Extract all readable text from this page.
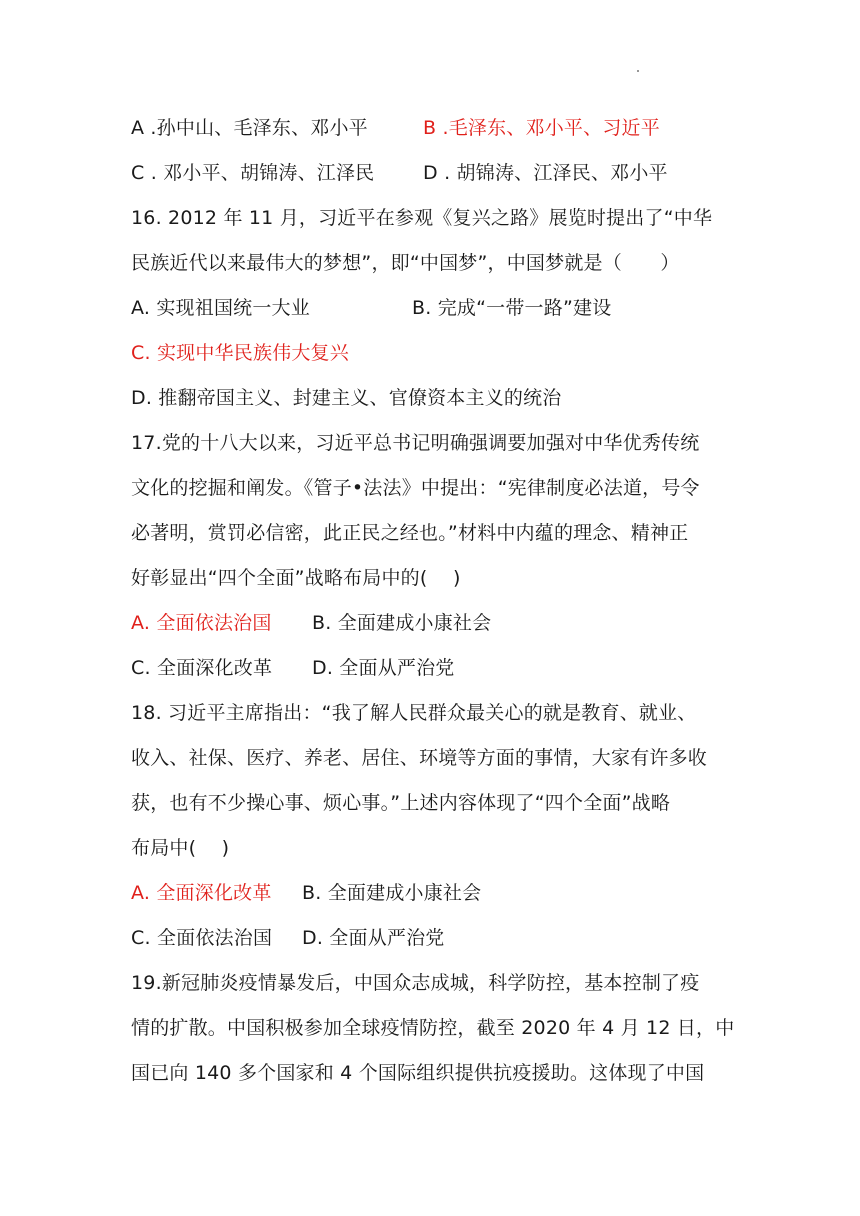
A .孙中山、毛泽东、邓小平	B .毛泽东、邓小平、习近平
C . 邓小平、胡锦涛、江泽民	D . 胡锦涛、江泽民、邓小平
16. 2012 年 11 月，习近平在参观《复兴之路》展览时提出了“中华
民族近代以来最伟大的梦想”，即“中国梦”，中国梦就是（　　）
A. 实现祖国统一大业	B. 完成“一带一路”建设
C. 实现中华民族伟大复兴
D. 推翻帝国主义、封建主义、官僚资本主义的统治
17.党的十八大以来，习近平总书记明确强调要加强对中华优秀传统
文化的挖掘和阐发。《管子•法法》中提出：“宪律制度必法道，号令
必著明，赏罚必信密，此正民之经也。”材料中内蕴的理念、精神正
好彰显出“四个全面”战略布局中的(　 )
A. 全面依法治国 B. 全面建成小康社会
C. 全面深化改革 D. 全面从严治党
18. 习近平主席指出：“我了解人民群众最关心的就是教育、就业、
收入、社保、医疗、养老、居住、环境等方面的事情，大家有许多收
获，也有不少操心事、烦心事。”上述内容体现了“四个全面”战略
布局中(　 )
A. 全面深化改革 B. 全面建成小康社会
C. 全面依法治国 D. 全面从严治党
19.新冠肺炎疫情暴发后，中国众志成城，科学防控，基本控制了疫
情的扩散。中国积极参加全球疫情防控，截至 2020 年 4 月 12 日，中
国已向 140 多个国家和 4 个国际组织提供抗疫援助。这体现了中国
